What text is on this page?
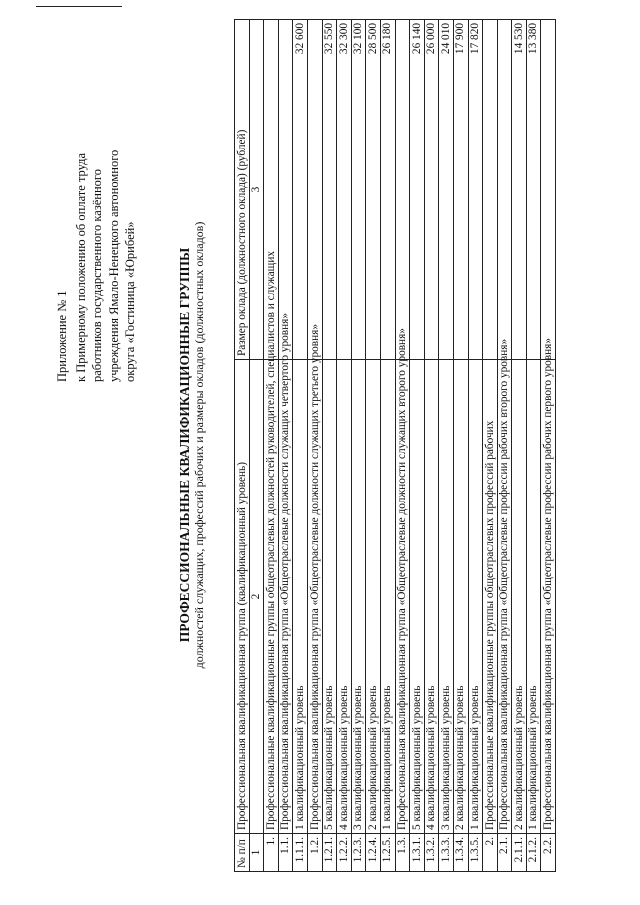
Приложение № 1 к Примерному положению об оплате труда работников государственного казённого учреждения Ямало-Ненецкого автономного округа «Гостиница «Юрибей»	ПРОФЕССИОНАЛЬНЫЕ КВАЛИФИКАЦИОННЫЕ ГРУППЫ должностей служащих, профессий рабочих и размеры окладов (должностных окладов)
№ п/п	Профессиональная квалификационная группа (квалификационный уровень)	Размер оклада (должностного оклада) (рублей)
1	2	3
1.	Профессиональные квалификационные группы общеотраслевых должностей руководителей, специалистов и служащих	
1.1.	Профессиональная квалификационная группа «Общеотраслевые должности служащих четвертого уровня»	
1.1.1.	1 квалификационный уровень	32 600
1.2.	Профессиональная квалификационная группа «Общеотраслевые должности служащих третьего уровня»	
1.2.1.	5 квалификационный уровень	32 550
1.2.2.	4 квалификационный уровень	32 300
1.2.3.	3 квалификационный уровень	32 100
1.2.4.	2 квалификационный уровень	28 500
1.2.5.	1 квалификационный уровень	26 180
1.3.	Профессиональная квалификационная группа «Общеотраслевые должности служащих второго уровня»	
1.3.1.	5 квалификационный уровень	26 140
1.3.2.	4 квалификационный уровень	26 000
1.3.3.	3 квалификационный уровень	24 010
1.3.4.	2 квалификационный уровень	17 900
1.3.5.	1 квалификационный уровень	17 820
2.	Профессиональные квалификационные группы общеотраслевых профессий рабочих	
2.1.	Профессиональная квалификационная группа «Общеотраслевые профессии рабочих второго уровня»	
2.1.1.	2 квалификационный уровень	14 530
2.1.2.	1 квалификационный уровень	13 380
2.2.	Профессиональная квалификационная группа «Общеотраслевые профессии рабочих первого уровня»	
